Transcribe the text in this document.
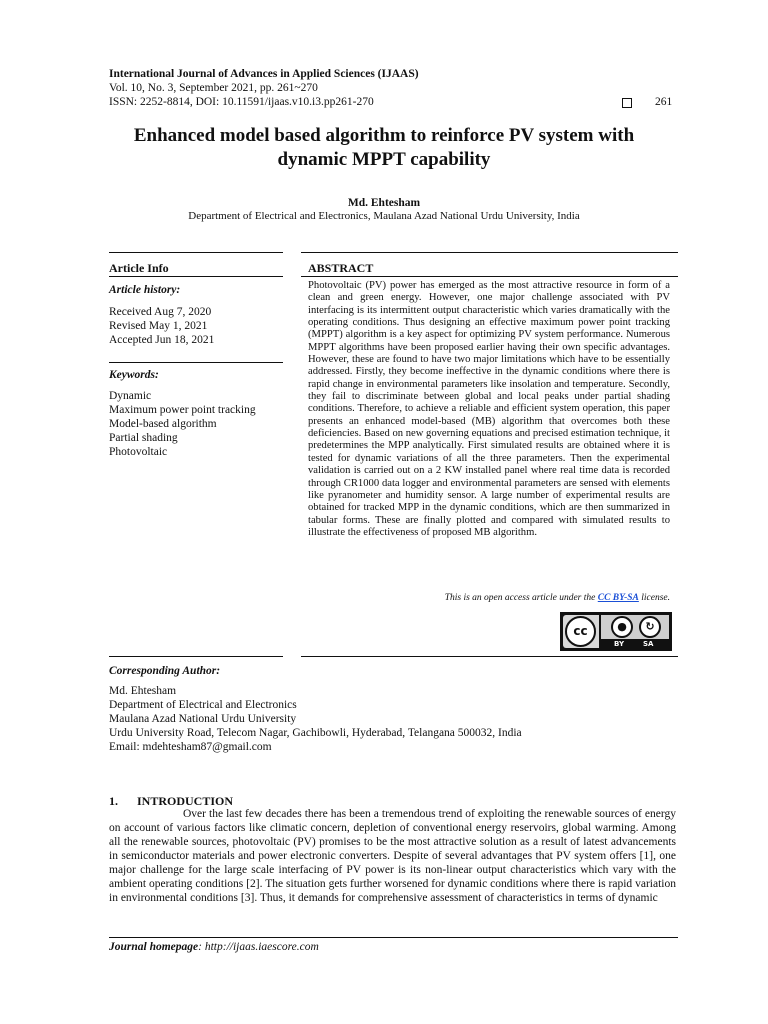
International Journal of Advances in Applied Sciences (IJAAS)
Vol. 10, No. 3, September 2021, pp. 261~270
ISSN: 2252-8814, DOI: 10.11591/ijaas.v10.i3.pp261-270	261
Enhanced model based algorithm to reinforce PV system with
dynamic MPPT capability
Md. Ehtesham
Department of Electrical and Electronics, Maulana Azad National Urdu University, India
Article Info
Article history:
Received Aug 7, 2020
Revised May 1, 2021
Accepted Jun 18, 2021
Keywords:
Dynamic
Maximum power point tracking
Model-based algorithm
Partial shading
Photovoltaic
ABSTRACT
Photovoltaic (PV) power has emerged as the most attractive resource in form of a clean and green energy. However, one major challenge associated with PV interfacing is its intermittent output characteristic which varies dramatically with the operating conditions. Thus designing an effective maximum power point tracking (MPPT) algorithm is a key aspect for optimizing PV system performance. Numerous MPPT algorithms have been proposed earlier having their own specific advantages. However, these are found to have two major limitations which have to be essentially addressed. Firstly, they become ineffective in the dynamic conditions where there is rapid change in environmental parameters like insolation and temperature. Secondly, they fail to discriminate between global and local peaks under partial shading conditions. Therefore, to achieve a reliable and efficient system operation, this paper presents an enhanced model-based (MB) algorithm that overcomes both these deficiencies. Based on new governing equations and precised estimation technique, it predetermines the MPP analytically. First simulated results are obtained where it is tested for dynamic variations of all the three parameters. Then the experimental validation is carried out on a 2 KW installed panel where real time data is recorded through CR1000 data logger and environmental parameters are sensed with elements like pyranometer and humidity sensor. A large number of experimental results are obtained for tracked MPP in the dynamic conditions, which are then summarized in tabular forms. These are finally plotted and compared with simulated results to illustrate the effectiveness of proposed MB algorithm.
This is an open access article under the CC BY-SA license.
cc	●	↻
BY	SA
Corresponding Author:
Md. Ehtesham
Department of Electrical and Electronics
Maulana Azad National Urdu University
Urdu University Road, Telecom Nagar, Gachibowli, Hyderabad, Telangana 500032, India
Email: mdehtesham87@gmail.com
1. INTRODUCTION
Over the last few decades there has been a tremendous trend of exploiting the renewable sources of energy on account of various factors like climatic concern, depletion of conventional energy reservoirs, global warming. Among all the renewable sources, photovoltaic (PV) promises to be the most attractive solution as a result of latest advancements in semiconductor materials and power electronic converters. Despite of several advantages that PV system offers [1], one major challenge for the large scale interfacing of PV power is its non-linear output characteristics which vary with the ambient operating conditions [2]. The situation gets further worsened for dynamic conditions where there is rapid variation in environmental conditions [3]. Thus, it demands for comprehensive assessment of characteristics in terms of dynamic
Journal homepage: http://ijaas.iaescore.com
